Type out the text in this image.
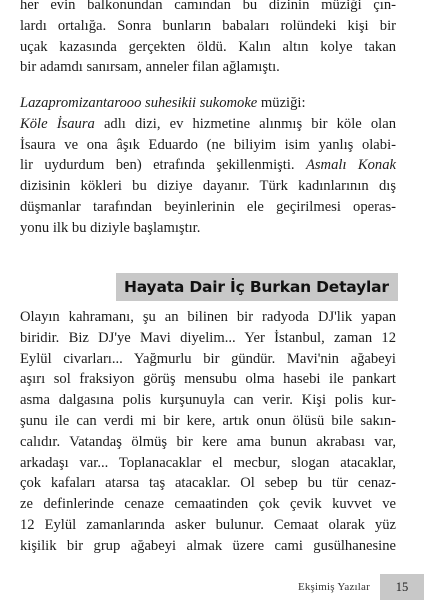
her evin balkonundan camından bu dizinin müziği çın-
lardı ortalığa. Sonra bunların babaları rolündeki kişi bir
uçak kazasında gerçekten öldü. Kalın altın kolye takan
bir adamdı sanırsam, anneler filan ağlamıştı.
Lazapromizantarooo suhesikii sukomoke müziği:
Köle İsaura adlı dizi, ev hizmetine alınmış bir köle olan
İsaura ve ona âşık Eduardo (ne biliyim isim yanlış olabi-
lir uydurdum ben) etrafında şekillenmişti. Asmalı Konak
dizisinin kökleri bu diziye dayanır. Türk kadınlarının dış
düşmanlar tarafından beyinlerinin ele geçirilmesi operas-
yonu ilk bu diziyle başlamıştır.
Hayata Dair İç Burkan Detaylar
Olayın kahramanı, şu an bilinen bir radyoda DJ'lik yapan
biridir. Biz DJ'ye Mavi diyelim... Yer İstanbul, zaman 12
Eylül civarları... Yağmurlu bir gündür. Mavi'nin ağabeyi
aşırı sol fraksiyon görüş mensubu olma hasebi ile pankart
asma dalgasına polis kurşunuyla can verir. Kişi polis kur-
şunu ile can verdi mi bir kere, artık onun ölüsü bile sakın-
calıdır. Vatandaş ölmüş bir kere ama bunun akrabası var,
arkadaşı var... Toplanacaklar el mecbur, slogan atacaklar,
çok kafaları atarsa taş atacaklar. Ol sebep bu tür cenaz-
ze definlerinde cenaze cemaatinden çok çevik kuvvet ve
12 Eylül zamanlarında asker bulunur. Cemaat olarak yüz
kişilik bir grup ağabeyi almak üzere cami gusülhanesine
Ekşimiş Yazılar 15
